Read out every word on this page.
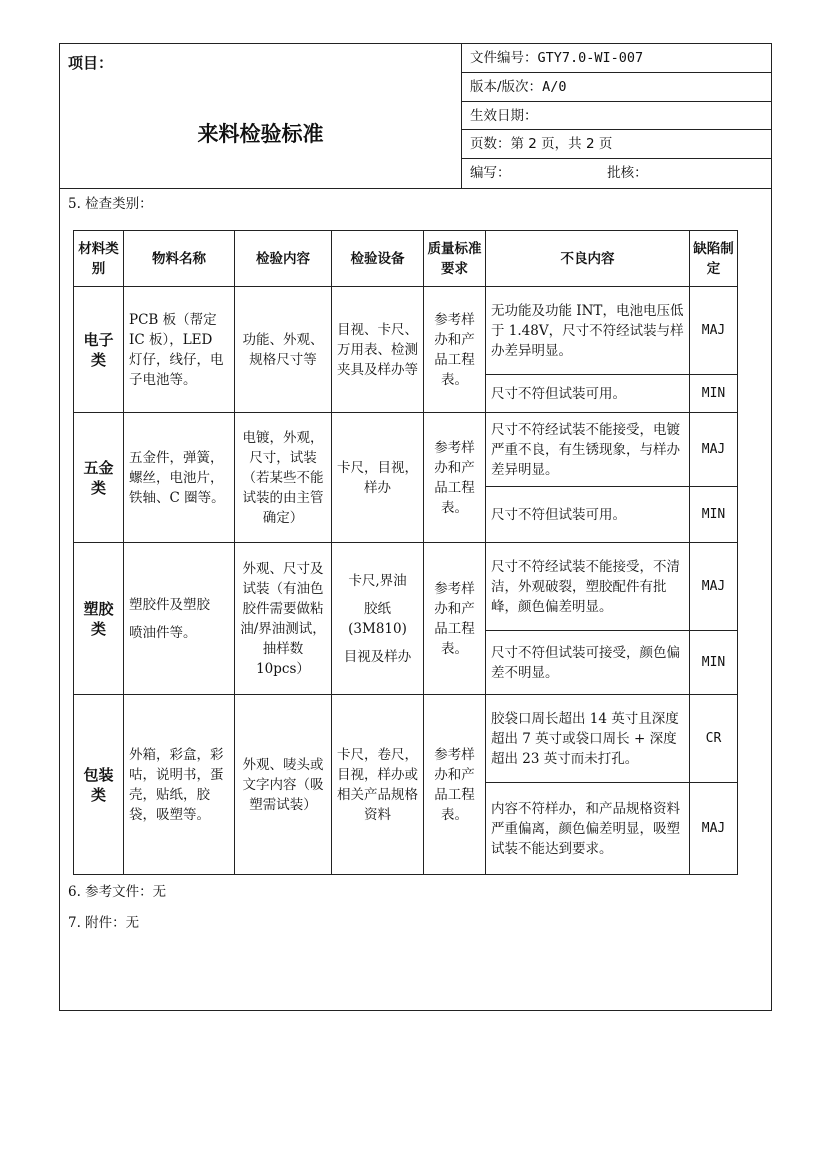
项目：
来料检验标准
文件编号：GTY7.0-WI-007
版本/版次：A/0
生效日期：
页数：第 2 页，共 2 页
编写：	批核：
5. 检查类别：
材料类别	物料名称	检验内容	检验设备	质量标准要求	不良内容	缺陷制定
电子类	PCB 板（帮定 IC 板），LED 灯仔，线仔，电子电池等。	功能、外观、规格尺寸等	目视、卡尺、万用表、检测夹具及样办等	参考样办和产品工程表。	无功能及功能 INT，电池电压低于 1.48V，尺寸不符经试装与样办差异明显。	MAJ
					尺寸不符但试装可用。	MIN
五金类	五金件，弹簧，螺丝，电池片，铁轴、C 圈等。	电镀，外观，尺寸，试装（若某些不能试装的由主管确定）	卡尺，目视，样办	参考样办和产品工程表。	尺寸不符经试装不能接受，电镀严重不良，有生锈现象，与样办差异明显。	MAJ
					尺寸不符但试装可用。	MIN
塑胶类	塑胶件及塑胶
喷油件等。	外观、尺寸及试装（有油色胶件需要做粘油/界油测试，抽样数 10pcs）	卡尺,界油
胶纸
(3M810)
目视及样办	参考样办和产品工程表。	尺寸不符经试装不能接受，不清洁，外观破裂，塑胶配件有批峰，颜色偏差明显。	MAJ
					尺寸不符但试装可接受，颜色偏差不明显。	MIN
包装类	外箱，彩盒，彩咕，说明书，蛋壳，贴纸，胶袋，吸塑等。	外观、唛头或文字内容（吸塑需试装）	卡尺，卷尺，目视，样办或相关产品规格资料	参考样办和产品工程表。	胶袋口周长超出 14 英寸且深度超出 7 英寸或袋口周长 + 深度超出 23 英寸而未打孔。	CR
					内容不符样办，和产品规格资料严重偏离，颜色偏差明显，吸塑试装不能达到要求。	MAJ
6. 参考文件：无
7. 附件：无
